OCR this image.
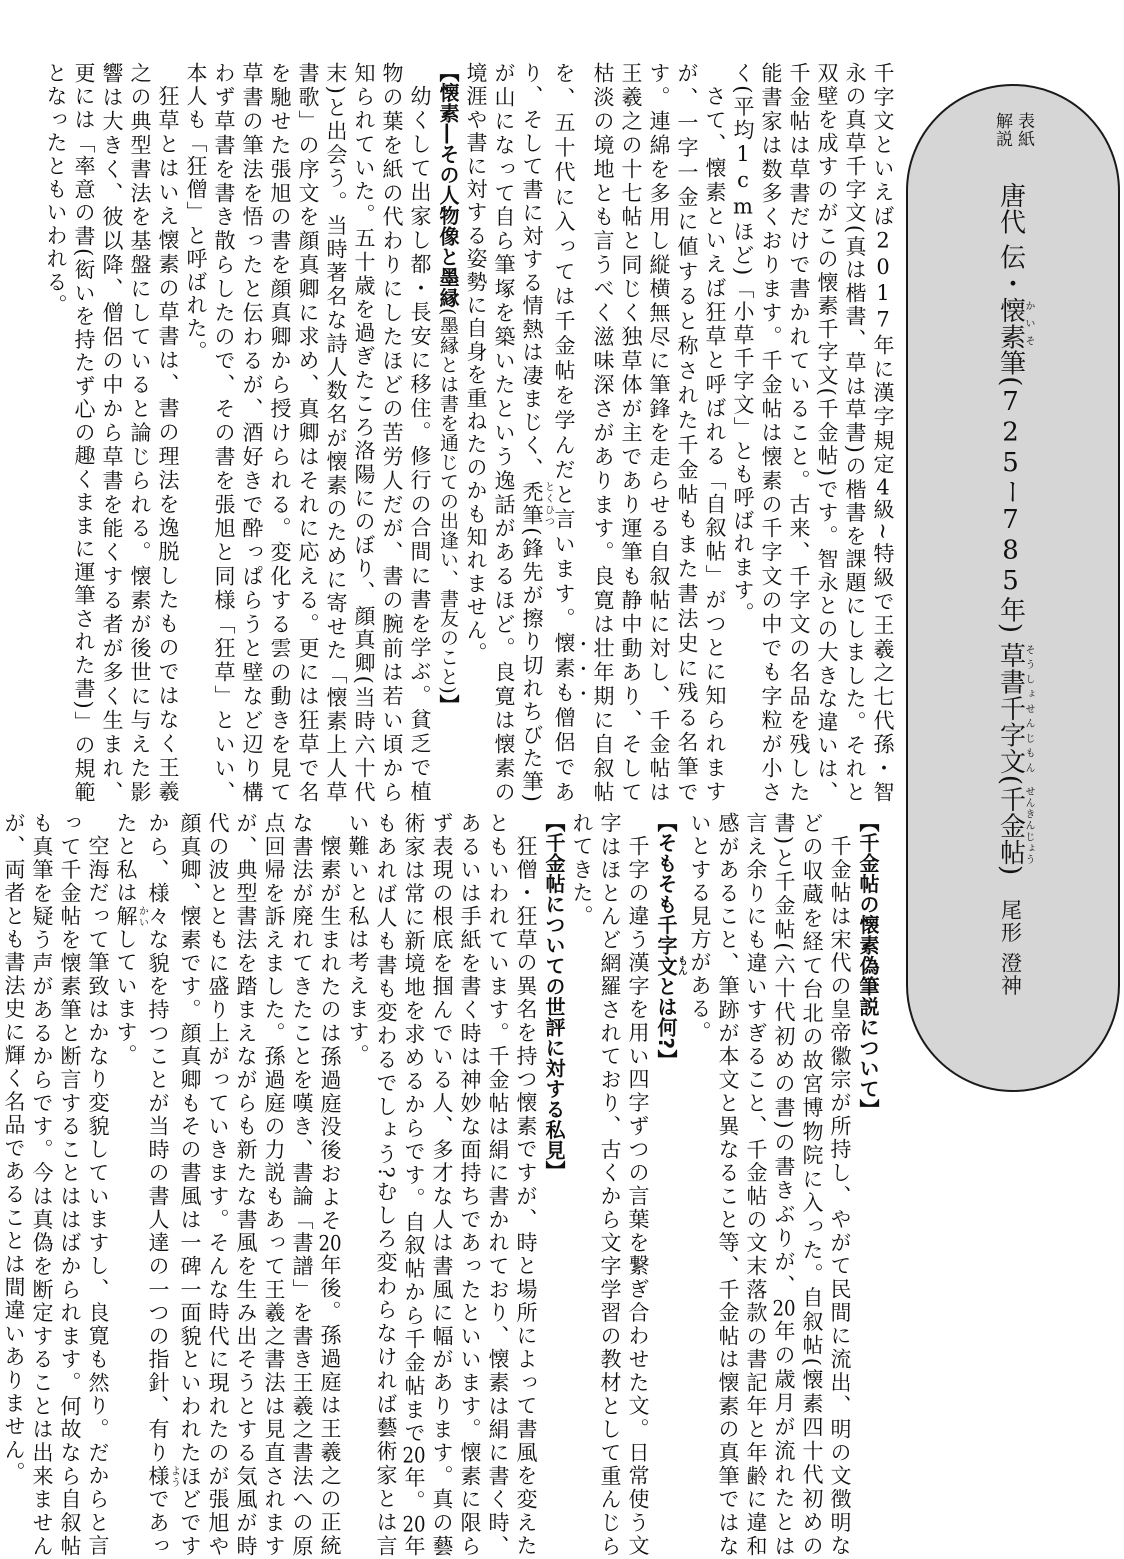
表紙
解説
唐代 伝・懐素かいそ筆(725ー785年) 草書千字文そうしょせんじもん(千金帖せんきんじょう) 尾形 澄神

千字文といえば2017年に漢字規定4級~特級で王羲之七代孫・智永の真草千字文(真は楷書、草は草書)の楷書を課題にしました。それと双壁を成すのがこの懐素千字文(千金帖)です。智永との大きな違いは、千金帖は草書だけで書かれていること。古来、千字文の名品を残した能書家は数多くおります。千金帖は懐素の千字文の中でも字粒が小さく(平均1cmほど)「小草千字文」とも呼ばれます。

さて、懐素といえば狂草と呼ばれる「自叙帖」がつとに知られますが、一字一金に値すると称された千金帖もまた書法史に残る名筆です。連綿を多用し縦横無尽に筆鋒を走らせる自叙帖に対し、千金帖は王羲之の十七帖と同じく独草体が主であり運筆も静中動あり、そして枯淡の境地とも言うべく滋味深さがあります。良寛は壮年期に自叙帖を、五十代に入っては千金帖を学んだと言います。懐素も僧侶であり、そして書に対する情熱は凄まじく、禿筆とくひつ(鋒先が擦り切れちびた筆)が山になって自ら筆塚を築いたという逸話があるほど。良寛は懐素の境涯や書に対する姿勢に自身を重ねたのかも知れません。

【懐素―その人物像と墨縁(墨縁とは書を通じての出逢い、書友のこと)】

幼くして出家し都・長安に移住。修行の合間に書を学ぶ。貧乏で植物の葉を紙の代わりにしたほどの苦労人だが、書の腕前は若い頃から知られていた。五十歳を過ぎたころ洛陽にのぼり、顔真卿(当時六十代末)と出会う。当時著名な詩人数名が懐素のために寄せた「懐素上人草書歌」の序文を顔真卿に求め、真卿はそれに応える。更には狂草で名を馳せた張旭の書を顔真卿から授けられる。変化する雲の動きを見て草書の筆法を悟ったと伝わるが、酒好きで酔っぱらうと壁など辺り構わず草書を書き散らしたので、その書を張旭と同様「狂草」といい、本人も「狂僧」と呼ばれた。

狂草とはいえ懐素の草書は、書の理法を逸脱したものではなく王羲之の典型書法を基盤にしていると論じられる。懐素が後世に与えた影響は大きく、彼以降、僧侶の中から草書を能くする者が多く生まれ、更には「率意の書(衒いを持たず心の趣くままに運筆された書)」の規範となったともいわれる。

【千金帖の懐素偽筆説について】

千金帖は宋代の皇帝徽宗が所持し、やがて民間に流出、明の文徴明などの収蔵を経て台北の故宮博物院に入った。自叙帖(懐素四十代初めの書)と千金帖(六十代初めの書)の書きぶりが、20年の歳月が流れたとは言え余りにも違いすぎること、千金帖の文末落款の書記年と年齢に違和感があること、筆跡が本文と異なること等、千金帖は懐素の真筆ではないとする見方がある。

【そもそも千字文もんとは何?】

千字の違う漢字を用い四字ずつの言葉を繋ぎ合わせた文。日常使う文字はほとんど網羅されており、古くから文字学習の教材として重んじられてきた。

【千金帖についての世評に対する私見】

狂僧・狂草の異名を持つ懐素ですが、時と場所によって書風を変えたともいわれています。千金帖は絹に書かれており、懐素は絹に書く時、あるいは手紙を書く時は神妙な面持ちであったといいます。懐素に限らず表現の根底を掴んでいる人、多才な人は書風に幅があります。真の藝術家は常に新境地を求めるからです。自叙帖から千金帖まで20年。20年もあれば人も書も変わるでしょう?むしろ変わらなければ藝術家とは言い難いと私は考えます。

懐素が生まれたのは孫過庭没後およそ20年後。孫過庭は王羲之の正統な書法が廃れてきたことを嘆き、書論「書譜」を書き王羲之書法への原点回帰を訴えました。孫過庭の力説もあって王羲之書法は見直されますが、典型書法を踏まえながらも新たな書風を生み出そうとする気風が時代の波とともに盛り上がっていきます。そんな時代に現れたのが張旭や顔真卿、懐素です。顔真卿もその書風は一碑一面貌といわれたほどですから、様々な貌を持つことが当時の書人達の一つの指針、有り様ようであったと私は解かいしています。

空海だって筆致はかなり変貌していますし、良寛も然り。だからと言って千金帖を懐素筆と断言することははばかられます。何故なら自叙帖も真筆を疑う声があるからです。今は真偽を断定することは出来ませんが、両者とも書法史に輝く名品であることは間違いありません。
